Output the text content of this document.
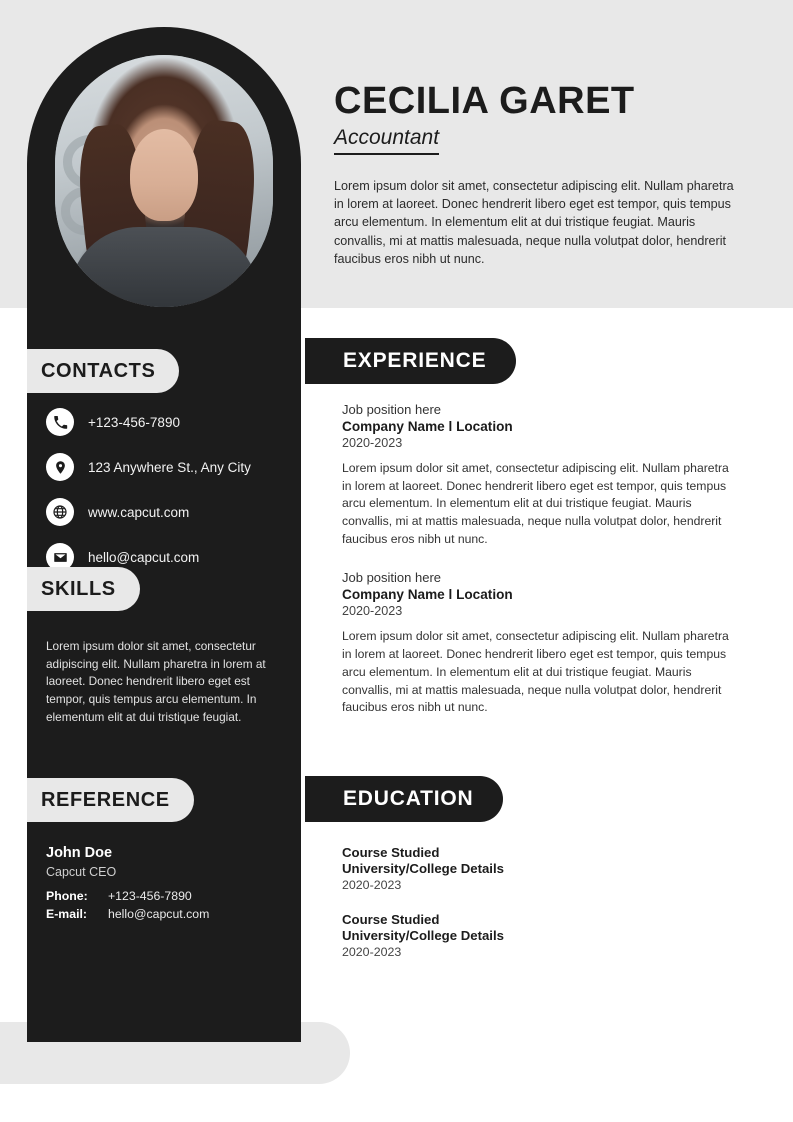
CECILIA GARET
Accountant

Lorem ipsum dolor sit amet, consectetur adipiscing elit. Nullam pharetra in lorem at laoreet. Donec hendrerit libero eget est tempor, quis tempus arcu elementum. In elementum elit at dui tristique feugiat. Mauris convallis, mi at mattis malesuada, neque nulla volutpat dolor, hendrerit faucibus eros nibh ut nunc.

CONTACTS
+123-456-7890
123 Anywhere St., Any City
www.capcut.com
hello@capcut.com
SKILLS
Lorem ipsum dolor sit amet, consectetur adipiscing elit. Nullam pharetra in lorem at laoreet. Donec hendrerit libero eget est tempor, quis tempus arcu elementum. In elementum elit at dui tristique feugiat.
REFERENCE
John Doe
Capcut CEO
Phone:	+123-456-7890
E-mail:	hello@capcut.com
EXPERIENCE
Job position here
Company Name l Location
2020-2023
Lorem ipsum dolor sit amet, consectetur adipiscing elit. Nullam pharetra in lorem at laoreet. Donec hendrerit libero eget est tempor, quis tempus arcu elementum. In elementum elit at dui tristique feugiat. Mauris convallis, mi at mattis malesuada, neque nulla volutpat dolor, hendrerit faucibus eros nibh ut nunc.
Job position here
Company Name l Location
2020-2023
Lorem ipsum dolor sit amet, consectetur adipiscing elit. Nullam pharetra in lorem at laoreet. Donec hendrerit libero eget est tempor, quis tempus arcu elementum. In elementum elit at dui tristique feugiat. Mauris convallis, mi at mattis malesuada, neque nulla volutpat dolor, hendrerit faucibus eros nibh ut nunc.
EDUCATION
Course Studied
University/College Details
2020-2023
Course Studied
University/College Details
2020-2023
